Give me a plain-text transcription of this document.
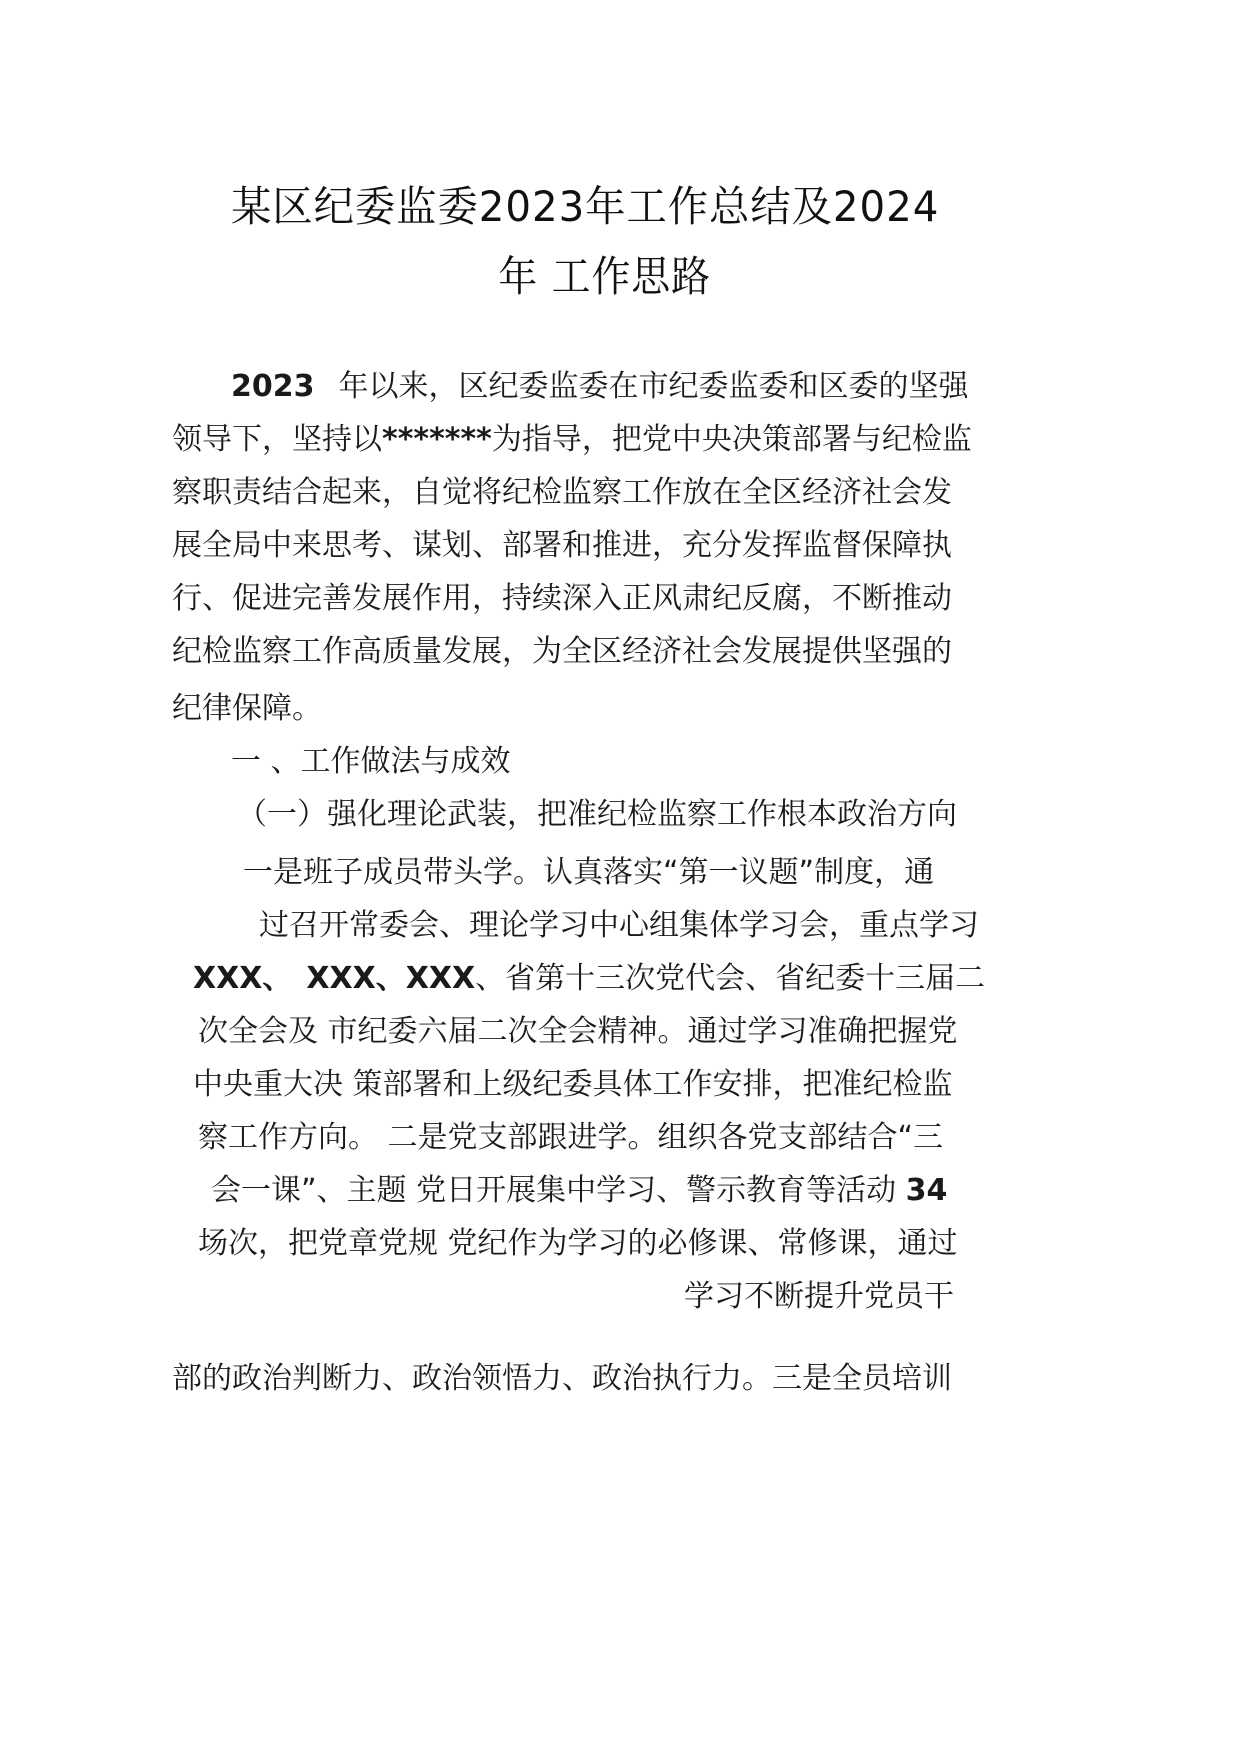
某区纪委监委2023年工作总结及2024
年 工作思路
2023 年以来，区纪委监委在市纪委监委和区委的坚强
领导下，坚持以*******为指导，把党中央决策部署与纪检监
察职责结合起来，自觉将纪检监察工作放在全区经济社会发
展全局中来思考、谋划、部署和推进，充分发挥监督保障执
行、促进完善发展作用，持续深入正风肃纪反腐，不断推动
纪检监察工作高质量发展，为全区经济社会发展提供坚强的
纪律保障。
一 、工作做法与成效
（一）强化理论武装，把准纪检监察工作根本政治方向
一是班子成员带头学。认真落实“第一议题”制度，通
过召开常委会、理论学习中心组集体学习会，重点学习
XXX、 XXX、XXX、省第十三次党代会、省纪委十三届二
次全会及 市纪委六届二次全会精神。通过学习准确把握党
中央重大决 策部署和上级纪委具体工作安排，把准纪检监
察工作方向。 二是党支部跟进学。组织各党支部结合“三
会一课”、主题 党日开展集中学习、警示教育等活动 34
场次，把党章党规 党纪作为学习的必修课、常修课，通过
学习不断提升党员干
部的政治判断力、政治领悟力、政治执行力。三是全员培训
